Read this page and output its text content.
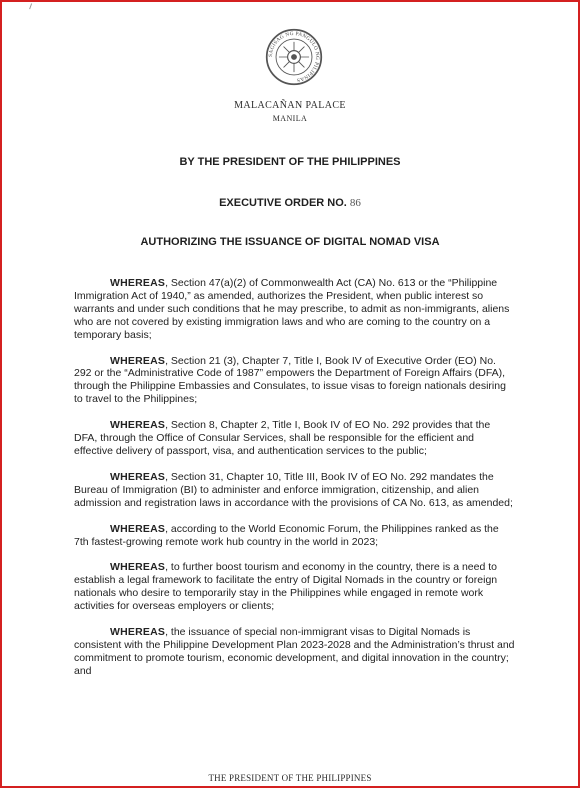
SAGISAG NG PANGULO NG PILIPINAS
MALACAÑAN PALACE
MANILA
BY THE PRESIDENT OF THE PHILIPPINES
EXECUTIVE ORDER NO. 86
AUTHORIZING THE ISSUANCE OF DIGITAL NOMAD VISA

WHEREAS, Section 47(a)(2) of Commonwealth Act (CA) No. 613 or the “Philippine Immigration Act of 1940,” as amended, authorizes the President, when public interest so warrants and under such conditions that he may prescribe, to admit as non-immigrants, aliens who are not covered by existing immigration laws and who are coming to the country on a temporary basis;

WHEREAS, Section 21 (3), Chapter 7, Title I, Book IV of Executive Order (EO) No. 292 or the “Administrative Code of 1987” empowers the Department of Foreign Affairs (DFA), through the Philippine Embassies and Consulates, to issue visas to foreign nationals desiring to travel to the Philippines;

WHEREAS, Section 8, Chapter 2, Title I, Book IV of EO No. 292 provides that the DFA, through the Office of Consular Services, shall be responsible for the efficient and effective delivery of passport, visa, and authentication services to the public;

WHEREAS, Section 31, Chapter 10, Title III, Book IV of EO No. 292 mandates the Bureau of Immigration (BI) to administer and enforce immigration, citizenship, and alien admission and registration laws in accordance with the provisions of CA No. 613, as amended;

WHEREAS, according to the World Economic Forum, the Philippines ranked as the 7th fastest-growing remote work hub country in the world in 2023;

WHEREAS, to further boost tourism and economy in the country, there is a need to establish a legal framework to facilitate the entry of Digital Nomads in the country or foreign nationals who desire to temporarily stay in the Philippines while engaged in remote work activities for overseas employers or clients;

WHEREAS, the issuance of special non-immigrant visas to Digital Nomads is consistent with the Philippine Development Plan 2023-2028 and the Administration’s thrust and commitment to promote tourism, economic development, and digital innovation in the country; and

THE PRESIDENT OF THE PHILIPPINES
